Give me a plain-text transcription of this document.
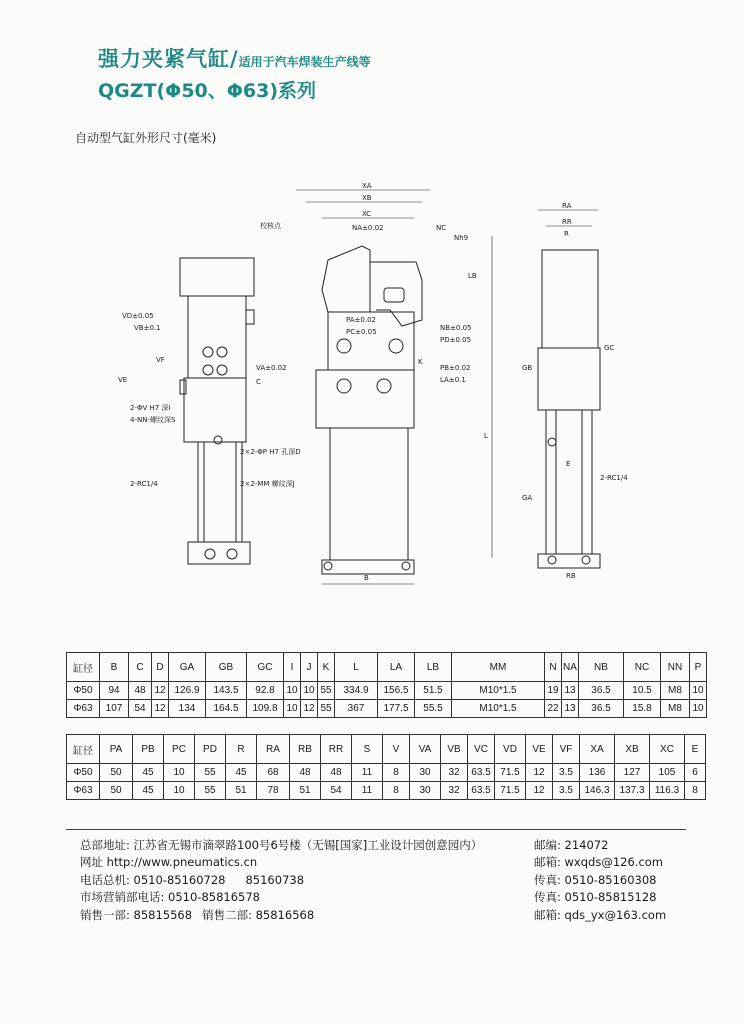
强力夹紧气缸/适用于汽车焊装生产线等
QGZT(Φ50、Φ63)系列
自动型气缸外形尺寸(毫米)
XA
XB
XC
校核点	NA±0.02	NC
Nh9
LB
PA±0.02
PC±0.05	NB±0.05
PD±0.05
PB±0.02
LA±0.1
K
L
B
VD±0.05
VB±0.1
VF
VE
VA±0.02
C
2-ΦV H7 深I
4-NN-螺纹深S
2×2-ΦP H7 孔深D
2×2-MM 螺纹深J
2-RC1/4
2-RC1/4
RA
RR
R
GB
GC
GA
RB
E
缸径	B	C	D	GA	GB	GC	I	J	K	L	LA	LB	MM	N	NA	NB	NC	NN	P
Φ50	94	48	12	126.9	143.5	92.8	10	10	55	334.9	156.5	51.5	M10*1.5	19	13	36.5	10.5	M8	10
Φ63	107	54	12	134	164.5	109.8	10	12	55	367	177.5	55.5	M10*1.5	22	13	36.5	15.8	M8	10
缸径	PA	PB	PC	PD	R	RA	RB	RR	S	V	VA	VB	VC	VD	VE	VF	XA	XB	XC	E
Φ50	50	45	10	55	45	68	48	48	11	8	30	32	63.5	71.5	12	3.5	136	127	105	6
Φ63	50	45	10	55	51	78	51	54	11	8	30	32	63.5	71.5	12	3.5	146.3	137.3	116.3	8
总部地址: 江苏省无锡市滴翠路100号6号楼（无锡[国家]工业设计园创意园内）
网址 http://www.pneumatics.cn
电话总机: 0510-85160728 85160738
市场营销部电话: 0510-85816578
销售一部: 85815568 销售二部: 85816568
邮编: 214072
邮箱: wxqds@126.com
传真: 0510-85160308
传真: 0510-85815128
邮箱: qds_yx@163.com
